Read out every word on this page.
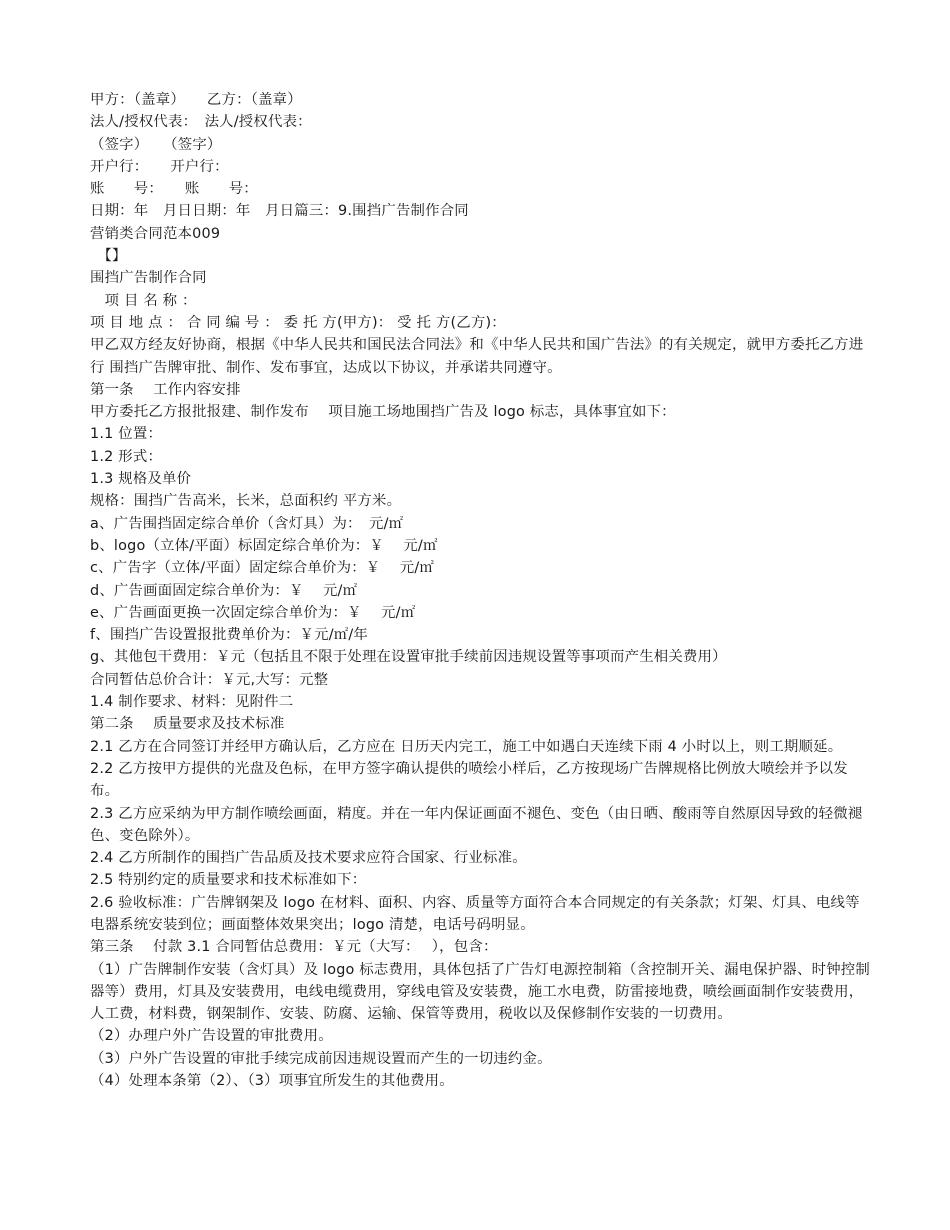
甲方：（盖章）　　乙方：（盖章）

法人/授权代表：　法人/授权代表：

（签字）　　（签字）

开户行：　　开户行：

账　　号：　　账　　号：

日期：年　月日日期：年　月日篇三：9.围挡广告制作合同

营销类合同范本009

　【】

围挡广告制作合同

　项 目 名 称 ：

项 目 地 点 ： 合 同 编 号 ： 委 托 方(甲方)： 受 托 方(乙方)：

甲乙双方经友好协商，根据《中华人民共和国民法合同法》和《中华人民共和国广告法》的有关规定，就甲方委托乙方进行 围挡广告牌审批、制作、发布事宜，达成以下协议，并承诺共同遵守。

第一条　 工作内容安排

甲方委托乙方报批报建、制作发布　 项目施工场地围挡广告及 logo 标志，具体事宜如下：

1.1 位置：

1.2 形式：

1.3 规格及单价

规格：围挡广告高米，长米，总面积约 平方米。

a、广告围挡固定综合单价（含灯具）为：　元/㎡

b、logo（立体/平面）标固定综合单价为：￥　 元/㎡

c、广告字（立体/平面）固定综合单价为：￥　 元/㎡

d、广告画面固定综合单价为：￥　 元/㎡

e、广告画面更换一次固定综合单价为：￥　 元/㎡

f、围挡广告设置报批费单价为：￥元/㎡/年

g、其他包干费用：￥元（包括且不限于处理在设置审批手续前因违规设置等事项而产生相关费用）

合同暂估总价合计：￥元,大写：元整

1.4 制作要求、材料：见附件二

第二条　 质量要求及技术标准

2.1 乙方在合同签订并经甲方确认后，乙方应在 日历天内完工，施工中如遇白天连续下雨 4 小时以上，则工期顺延。

2.2 乙方按甲方提供的光盘及色标，在甲方签字确认提供的喷绘小样后，乙方按现场广告牌规格比例放大喷绘并予以发布。

2.3 乙方应采纳为甲方制作喷绘画面，精度。并在一年内保证画面不褪色、变色（由日晒、酸雨等自然原因导致的轻微褪色、变色除外）。

2.4 乙方所制作的围挡广告品质及技术要求应符合国家、行业标准。

2.5 特别约定的质量要求和技术标准如下：

2.6 验收标准：广告牌钢架及 logo 在材料、面积、内容、质量等方面符合本合同规定的有关条款；灯架、灯具、电线等电器系统安装到位；画面整体效果突出；logo 清楚，电话号码明显。

第三条　 付款 3.1 合同暂估总费用：￥元（大写：　 ），包含：

（1）广告牌制作安装（含灯具）及 logo 标志费用，具体包括了广告灯电源控制箱（含控制开关、漏电保护器、时钟控制器等）费用，灯具及安装费用，电线电缆费用，穿线电管及安装费，施工水电费，防雷接地费，喷绘画面制作安装费用，人工费，材料费，钢架制作、安装、防腐、运输、保管等费用，税收以及保修制作安装的一切费用。

（2）办理户外广告设置的审批费用。

（3）户外广告设置的审批手续完成前因违规设置而产生的一切违约金。

（4）处理本条第（2）、（3）项事宜所发生的其他费用。
